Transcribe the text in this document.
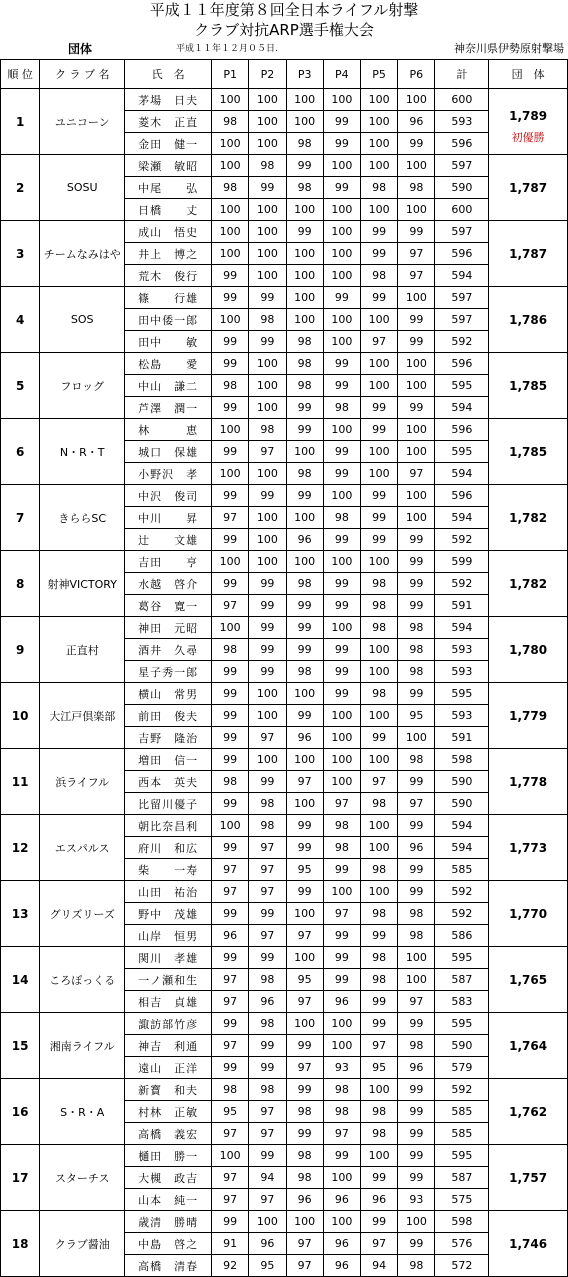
平成１１年度第８回全日本ライフル射撃
クラブ対抗ARP選手権大会
団体	平成１１年１２月０５日.	神奈川県伊勢原射撃場
順 位	ク ラ ブ 名	氏　名	P1	P2	P3	P4	P5	P6	計	団　体
1	ユニコーン	茅場　日夫	100	100	100	100	100	100	600	1,789
初優勝

		菱木　正直	98	100	100	99	100	96	593	
		金田　健一	100	100	98	99	100	99	596	
2	SOSU	梁瀬　敏昭	100	98	99	100	100	100	597	1,787

		中尾　　弘	98	99	98	99	98	98	590	
		日橋　　丈	100	100	100	100	100	100	600	
3	チームなみはや	成山　悟史	100	100	99	100	99	99	597	1,787

		井上　博之	100	100	100	100	99	97	596	
		荒木　俊行	99	100	100	100	98	97	594	
4	SOS	篠　　行雄	99	99	100	99	99	100	597	1,786

		田中倭一郎	100	98	100	100	100	99	597	
		田中　　敏	99	99	98	100	97	99	592	
5	フロッグ	松島　　愛	99	100	98	99	100	100	596	1,785

		中山　謙二	98	100	98	99	100	100	595	
		芦澤　潤一	99	100	99	98	99	99	594	
6	N・R・T	林　　　恵	100	98	99	100	99	100	596	1,785

		城口　保雄	99	97	100	99	100	100	595	
		小野沢　孝	100	100	98	99	100	97	594	
7	きららSC	中沢　俊司	99	99	99	100	99	100	596	1,782

		中川　　昇	97	100	100	98	99	100	594	
		辻　　文雄	99	100	96	99	99	99	592	
8	射神VICTORY	吉田　　亨	100	100	100	100	100	99	599	1,782

		水越　啓介	99	99	98	99	98	99	592	
		葛谷　寛一	97	99	99	99	98	99	591	
9	正直村	神田　元昭	100	99	99	100	98	98	594	1,780

		酒井　久尋	98	99	99	99	100	98	593	
		星子秀一郎	99	99	98	99	100	98	593	
10	大江戸倶楽部	横山　常男	99	100	100	99	98	99	595	1,779

		前田　俊夫	99	100	99	100	100	95	593	
		吉野　隆治	99	97	96	100	99	100	591	
11	浜ライフル	増田　信一	99	100	100	100	100	98	598	1,778

		西本　英夫	98	99	97	100	97	99	590	
		比留川優子	99	98	100	97	98	97	590	
12	エスパルス	朝比奈昌利	100	98	99	98	100	99	594	1,773

		府川　和広	99	97	99	98	100	96	594	
		柴　　一寿	97	97	95	99	98	99	585	
13	グリズリーズ	山田　祐治	97	97	99	100	100	99	592	1,770

		野中　茂雄	99	99	100	97	98	98	592	
		山岸　恒男	96	97	97	99	99	98	586	
14	ころぽっくる	関川　孝雄	99	99	100	99	98	100	595	1,765

		一ノ瀬和生	97	98	95	99	98	100	587	
		相吉　貞雄	97	96	97	96	99	97	583	
15	湘南ライフル	諏訪部竹彦	99	98	100	100	99	99	595	1,764

		神吉　利通	97	99	99	100	97	98	590	
		遠山　正洋	99	99	97	93	95	96	579	
16	S・R・A	新寳　和夫	98	98	99	98	100	99	592	1,762

		村林　正敏	95	97	98	98	98	99	585	
		高橋　義宏	97	97	99	97	98	99	585	
17	スターチス	樋田　勝一	100	99	98	99	100	99	595	1,757

		大槻　政吉	97	94	98	100	99	99	587	
		山本　純一	97	97	96	96	96	93	575	
18	クラブ醤油	歳清　勝晴	99	100	100	100	99	100	598	1,746

		中島　啓之	91	96	97	96	97	99	576	
		高橋　清春	92	95	97	96	94	98	572	
